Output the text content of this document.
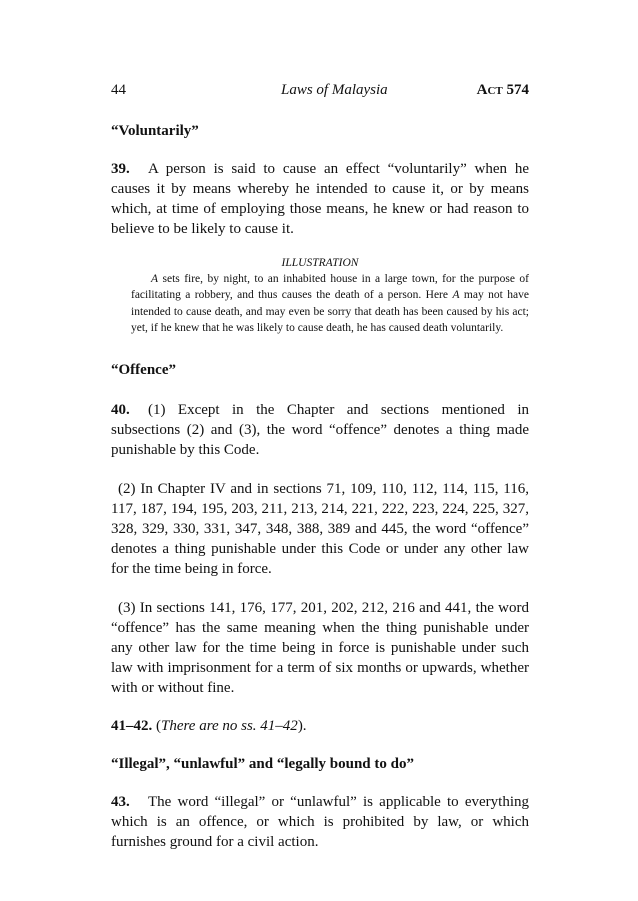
44	Laws of Malaysia	Act 574

“Voluntarily”

39. A person is said to cause an effect “voluntarily” when he causes it by means whereby he intended to cause it, or by means which, at time of employing those means, he knew or had reason to believe to be likely to cause it.

ILLUSTRATION

A sets fire, by night, to an inhabited house in a large town, for the purpose of facilitating a robbery, and thus causes the death of a person. Here A may not have intended to cause death, and may even be sorry that death has been caused by his act; yet, if he knew that he was likely to cause death, he has caused death voluntarily.

“Offence”

40. (1) Except in the Chapter and sections mentioned in subsections (2) and (3), the word “offence” denotes a thing made punishable by this Code.

(2) In Chapter IV and in sections 71, 109, 110, 112, 114, 115, 116, 117, 187, 194, 195, 203, 211, 213, 214, 221, 222, 223, 224, 225, 327, 328, 329, 330, 331, 347, 348, 388, 389 and 445, the word “offence” denotes a thing punishable under this Code or under any other law for the time being in force.

(3) In sections 141, 176, 177, 201, 202, 212, 216 and 441, the word “offence” has the same meaning when the thing punishable under any other law for the time being in force is punishable under such law with imprisonment for a term of six months or upwards, whether with or without fine.

41–42. (There are no ss. 41–42).

“Illegal”, “unlawful” and “legally bound to do”

43. The word “illegal” or “unlawful” is applicable to everything which is an offence, or which is prohibited by law, or which furnishes ground for a civil action.
